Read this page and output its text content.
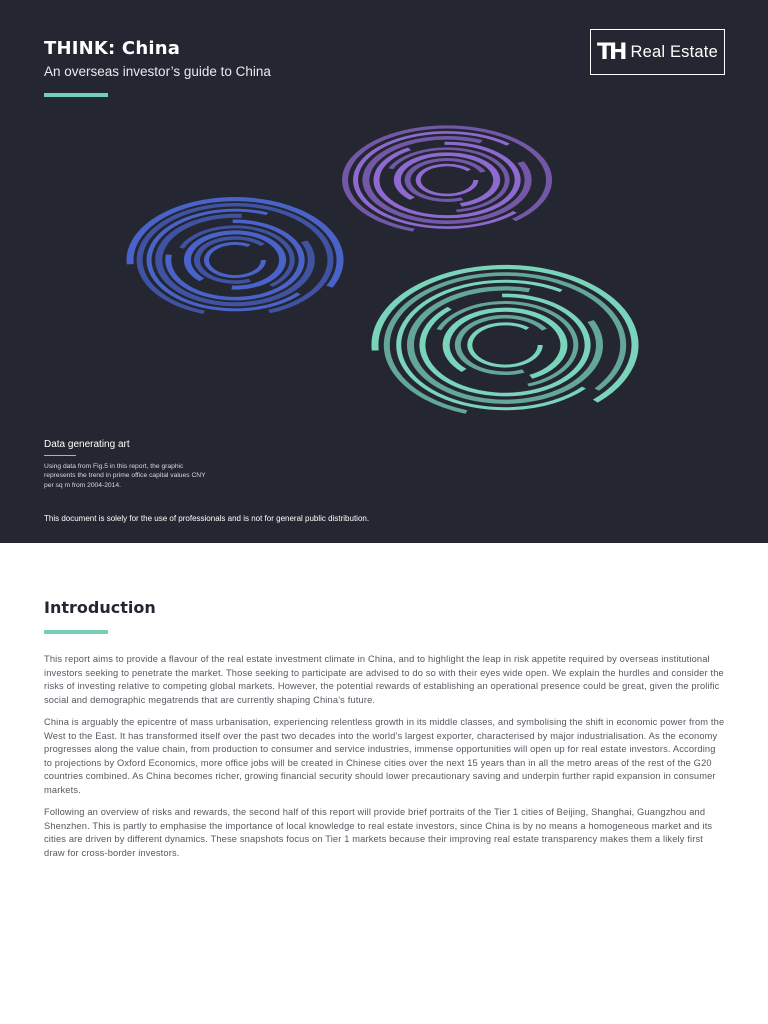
THINK: China
An overseas investor’s guide to China
TH Real Estate
Data generating art
Using data from Fig.5 in this report, the graphic represents the trend in prime office capital values CNY per sq m from 2004-2014.
This document is solely for the use of professionals and is not for general public distribution.
Introduction

This report aims to provide a flavour of the real estate investment climate in China, and to highlight the leap in risk appetite required by overseas institutional investors seeking to penetrate the market. Those seeking to participate are advised to do so with their eyes wide open. We explain the hurdles and consider the risks of investing relative to competing global markets. However, the potential rewards of establishing an operational presence could be great, given the prolific social and demographic megatrends that are currently shaping China’s future.

China is arguably the epicentre of mass urbanisation, experiencing relentless growth in its middle classes, and symbolising the shift in economic power from the West to the East. It has transformed itself over the past two decades into the world’s largest exporter, characterised by major industrialisation. As the economy progresses along the value chain, from production to consumer and service industries, immense opportunities will open up for real estate investors. According to projections by Oxford Economics, more office jobs will be created in Chinese cities over the next 15 years than in all the metro areas of the rest of the G20 countries combined. As China becomes richer, growing financial security should lower precautionary saving and underpin further rapid expansion in consumer markets.

Following an overview of risks and rewards, the second half of this report will provide brief portraits of the Tier 1 cities of Beijing, Shanghai, Guangzhou and Shenzhen. This is partly to emphasise the importance of local knowledge to real estate investors, since China is by no means a homogeneous market and its cities are driven by different dynamics. These snapshots focus on Tier 1 markets because their improving real estate transparency makes them a likely first draw for cross-border investors.
